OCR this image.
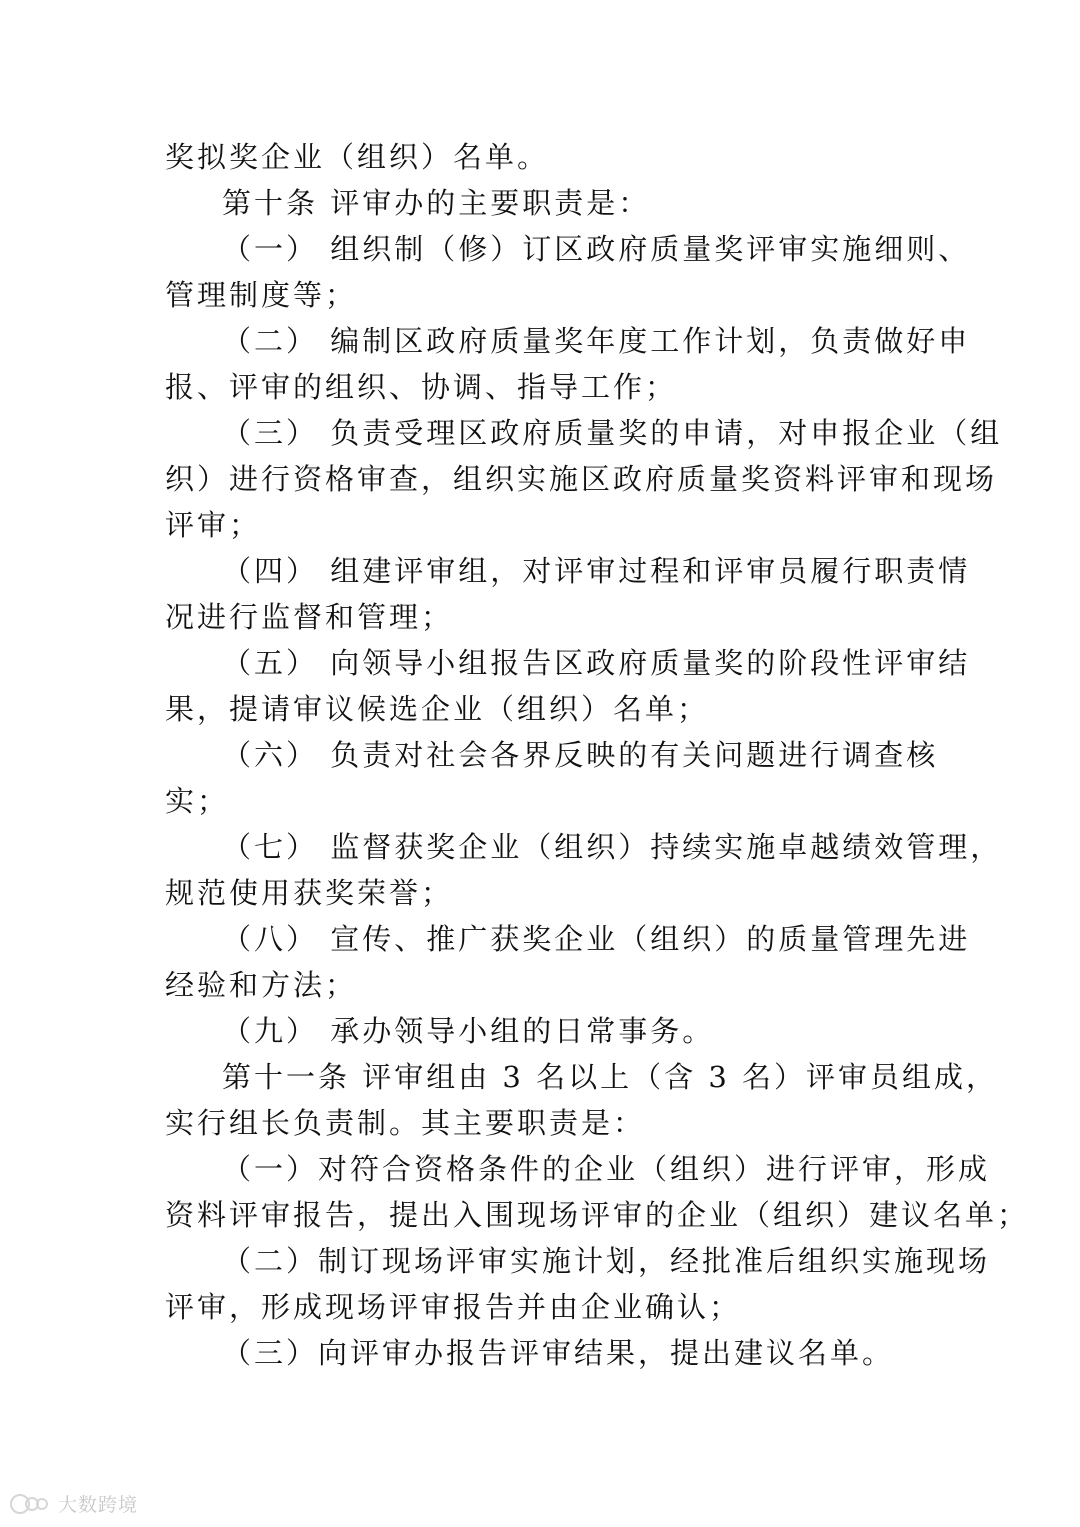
奖拟奖企业（组织）名单。
第十条 评审办的主要职责是：
（一） 组织制（修）订区政府质量奖评审实施细则、
管理制度等；
（二） 编制区政府质量奖年度工作计划，负责做好申
报、评审的组织、协调、指导工作；
（三） 负责受理区政府质量奖的申请，对申报企业（组
织）进行资格审查，组织实施区政府质量奖资料评审和现场
评审；
（四） 组建评审组，对评审过程和评审员履行职责情
况进行监督和管理；
（五） 向领导小组报告区政府质量奖的阶段性评审结
果，提请审议候选企业（组织）名单；
（六） 负责对社会各界反映的有关问题进行调查核
实；
（七） 监督获奖企业（组织）持续实施卓越绩效管理，
规范使用获奖荣誉；
（八） 宣传、推广获奖企业（组织）的质量管理先进
经验和方法；
（九） 承办领导小组的日常事务。
第十一条 评审组由 3 名以上（含 3 名）评审员组成，
实行组长负责制。其主要职责是：
（一）对符合资格条件的企业（组织）进行评审，形成
资料评审报告，提出入围现场评审的企业（组织）建议名单；
（二）制订现场评审实施计划，经批准后组织实施现场
评审，形成现场评审报告并由企业确认；
（三）向评审办报告评审结果，提出建议名单。
大数跨境
